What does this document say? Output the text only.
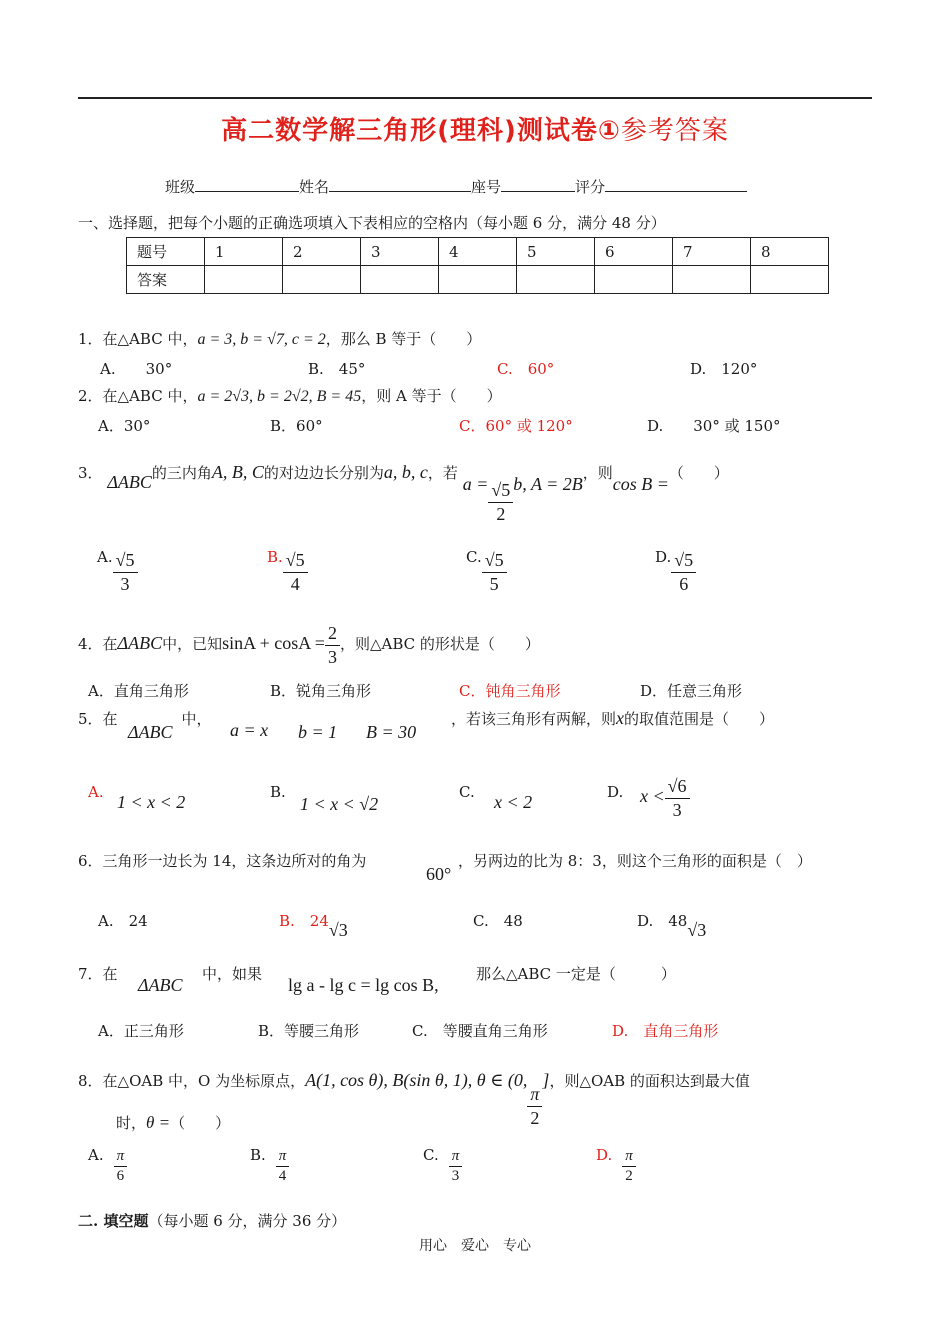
高二数学解三角形(理科)测试卷①参考答案
班级	姓名	座号	评分
一、选择题，把每个小题的正确选项填入下表相应的空格内（每小题 6 分，满分 48 分）
题号	1	2	3	4	5	6	7	8
答案								
1．在△ABC 中，a = 3, b = √7, c = 2，那么 B 等于（　　）
A.　　30°	B.　45°	C.　60°	D.　120°
2．在△ABC 中，a = 2√3, b = 2√2, B = 45，则 A 等于（　　）
A．30°	B．60°	C．60° 或 120°	D.　　30° 或 150°
3． ΔABC的三内角A, B, C的对边边长分别为a, b, c，若 $a = \frac{√5}{2} b$, A = 2B，则cos B =（　　）
A. $\frac{√5}{3}$	B. $\frac{√5}{4}$	C. $\frac{√5}{5}$	D. $\frac{√5}{6}$
4．在ΔABC中，已知$\sin A + \cos A = \frac{2}{3}$ ，则△ABC 的形状是（　　）
A．直角三角形	B．锐角三角形	C．钝角三角形	D．任意三角形
5．在
ΔABC
中，
a = x b = 1 B = 30
，若该三角形有两解，则x的取值范围是（　　）
A. 1 < x < 2	B.
1 < x < √2
C. x < 2	D. $x < \frac{√6}{3}$
6．三角形一边长为 14，这条边所对的角为
60°
，另两边的比为 8：3，则这个三角形的面积是（　）
A.　24	B.　24√3	C.　48	D.　48√3
7．在
ΔABC
中，如果
lg a - lg c = lg cos B,
那么△ABC 一定是（　　　）
A．正三角形	B．等腰三角形	C.　等腰直角三角形	D.　直角三角形
8．在△OAB 中，O 为坐标原点，A(1, cos θ), B(sin θ, 1), θ ∈ (0,
$\frac{\pi}{2}$
]，则△OAB 的面积达到最大值
时，θ =（　　）
A. $\frac{\pi}{6}$	B. $\frac{\pi}{4}$	C. $\frac{\pi}{3}$	D. $\frac{\pi}{2}$
二. 填空题（每小题 6 分，满分 36 分）
用心　爱心　专心
